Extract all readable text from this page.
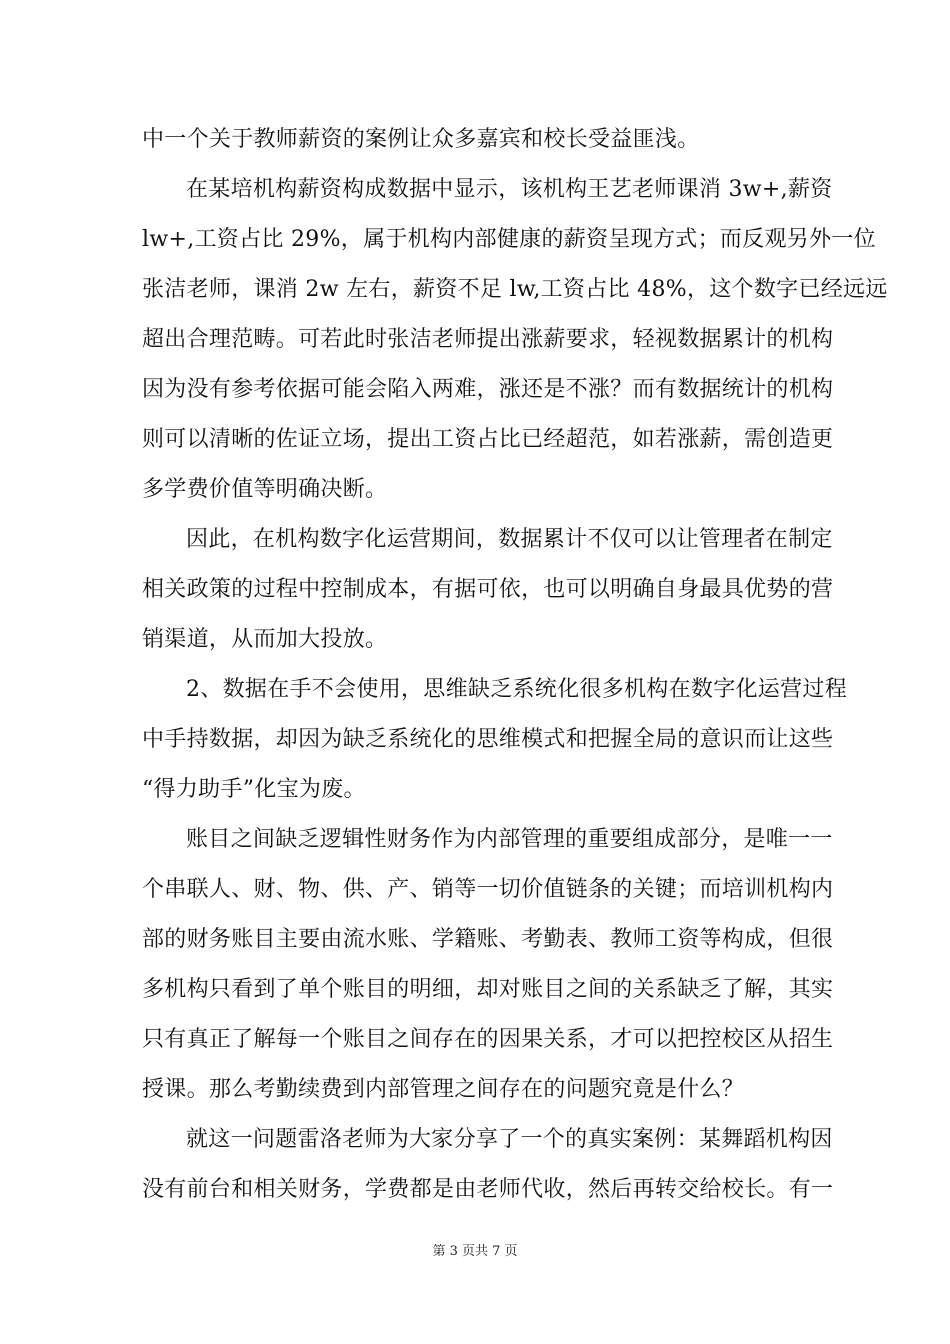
中一个关于教师薪资的案例让众多嘉宾和校长受益匪浅。
在某培机构薪资构成数据中显示，该机构王艺老师课消 3w+,薪资
lw+,工资占比 29%，属于机构内部健康的薪资呈现方式；而反观另外一位
张洁老师，课消 2w 左右，薪资不足 lw,工资占比 48%，这个数字已经远远
超出合理范畴。可若此时张洁老师提出涨薪要求，轻视数据累计的机构
因为没有参考依据可能会陷入两难，涨还是不涨？而有数据统计的机构
则可以清晰的佐证立场，提出工资占比已经超范，如若涨薪，需创造更
多学费价值等明确决断。
因此，在机构数字化运营期间，数据累计不仅可以让管理者在制定
相关政策的过程中控制成本，有据可依，也可以明确自身最具优势的营
销渠道，从而加大投放。
2、数据在手不会使用，思维缺乏系统化很多机构在数字化运营过程
中手持数据，却因为缺乏系统化的思维模式和把握全局的意识而让这些
“得力助手”化宝为废。
账目之间缺乏逻辑性财务作为内部管理的重要组成部分，是唯一一
个串联人、财、物、供、产、销等一切价值链条的关键；而培训机构内
部的财务账目主要由流水账、学籍账、考勤表、教师工资等构成，但很
多机构只看到了单个账目的明细，却对账目之间的关系缺乏了解，其实
只有真正了解每一个账目之间存在的因果关系，才可以把控校区从招生
授课。那么考勤续费到内部管理之间存在的问题究竟是什么？
就这一问题雷洛老师为大家分享了一个的真实案例：某舞蹈机构因
没有前台和相关财务，学费都是由老师代收，然后再转交给校长。有一
第 3 页共 7 页
